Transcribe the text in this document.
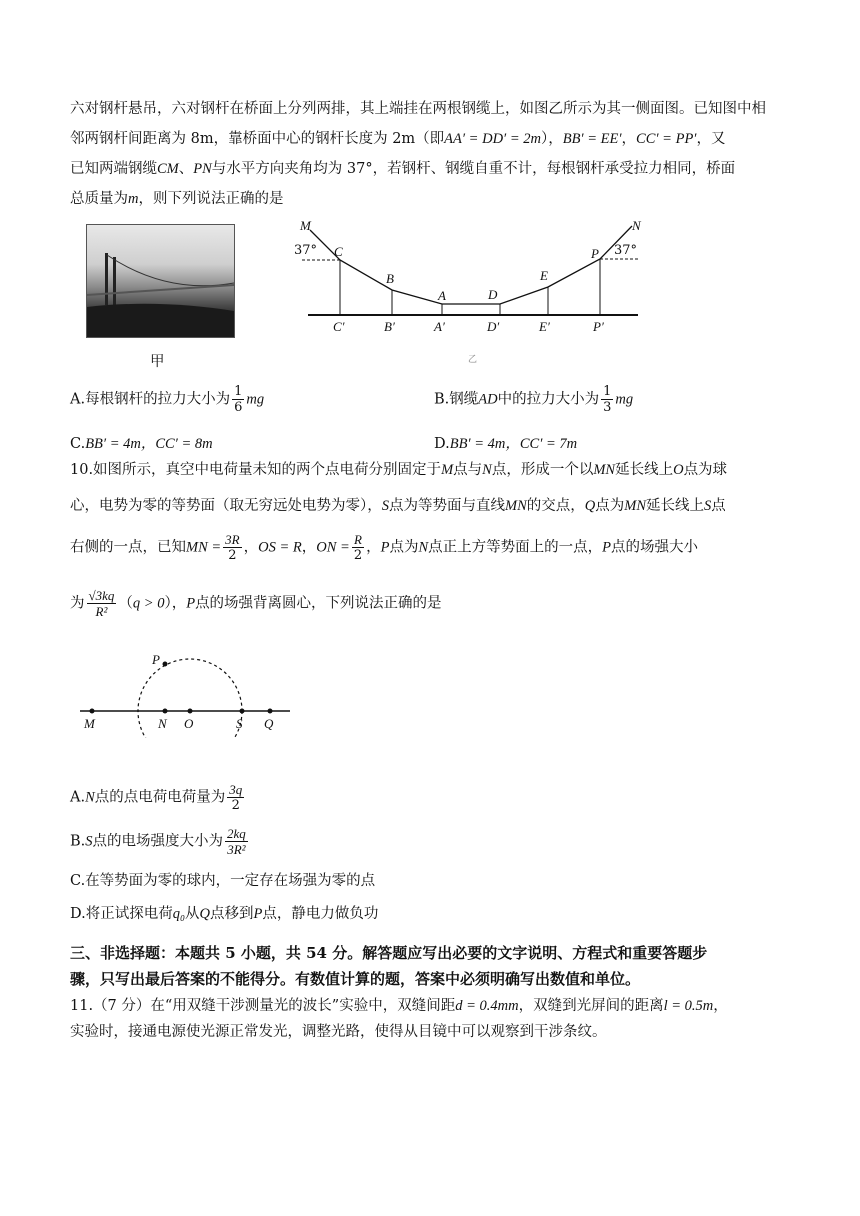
六对钢杆悬吊，六对钢杆在桥面上分列两排，其上端挂在两根钢缆上，如图乙所示为其一侧面图。已知图中相
邻两钢杆间距离为 8m，靠桥面中心的钢杆长度为 2m（即AA′ = DD′ = 2m），BB′ = EE′，CC′ = PP′，又
已知两端钢缆CM、PN与水平方向夹角均为 37°，若钢杆、钢缆自重不计，每根钢杆承受拉力相同，桥面
总质量为m，则下列说法正确的是
甲
M
37° C
B
A	D
E
P
N
37°
C′	B′	A′	D′	E′	P′
乙
A.每根钢杆的拉力大小为 $\frac{1}{6}$ mg	B.钢缆AD中的拉力大小为 $\frac{1}{3}$ mg
C.BB′ = 4m，CC′ = 8m	D.BB′ = 4m，CC′ = 7m
10.如图所示，真空中电荷量未知的两个点电荷分别固定于M点与N点，形成一个以MN延长线上O点为球
心，电势为零的等势面（取无穷远处电势为零），S点为等势面与直线MN的交点，Q点为MN延长线上S点
右侧的一点，已知MN = $\frac{3R}{2}$ ，OS = R，ON = $\frac{R}{2}$ ，P点为N点正上方等势面上的一点，P点的场强大小
为 $\frac{√3kq}{\text{R²}} (q > 0)$，P点的场强背离圆心，下列说法正确的是
P
M	N O	S Q
A.N点的点电荷电荷量为 $\frac{3q}{2}$
B.S点的电场强度大小为 $\frac{2kq}{\text{3R²}}$
C.在等势面为零的球内，一定存在场强为零的点
D.将正试探电荷q₀从Q点移到P点，静电力做负功
三、非选择题：本题共 5 小题，共 54 分。解答题应写出必要的文字说明、方程式和重要答题步
骤，只写出最后答案的不能得分。有数值计算的题，答案中必须明确写出数值和单位。
11.（7 分）在“用双缝干涉测量光的波长”实验中，双缝间距d = 0.4mm，双缝到光屏间的距离l = 0.5m，
实验时，接通电源使光源正常发光，调整光路，使得从目镜中可以观察到干涉条纹。
